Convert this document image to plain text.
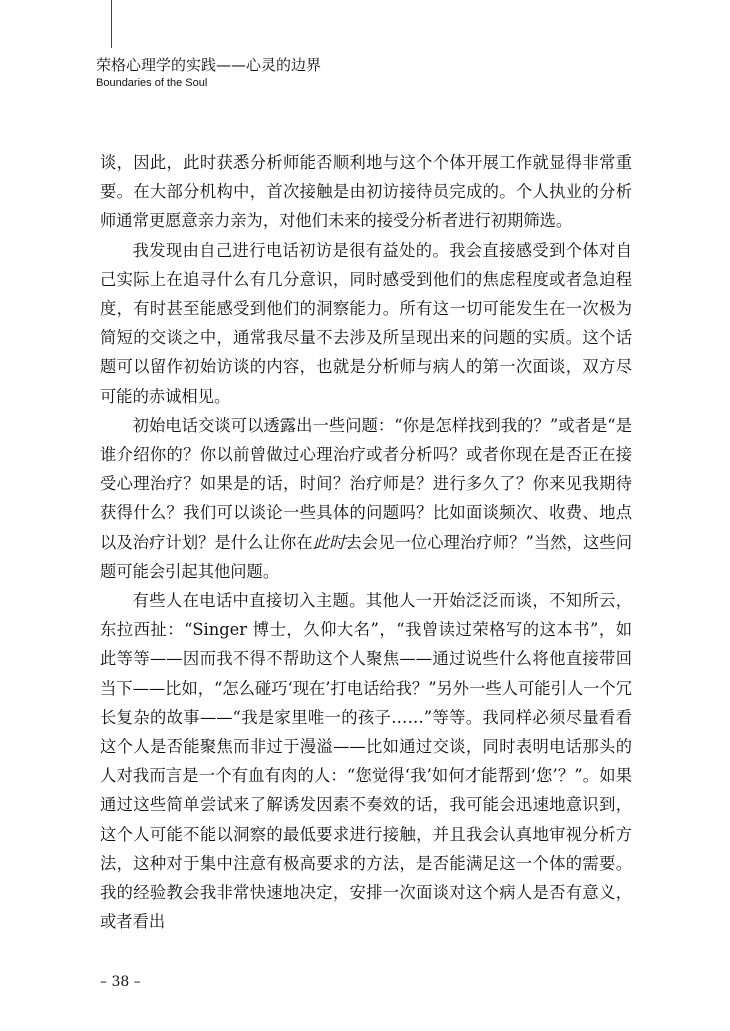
荣格心理学的实践——心灵的边界
Boundaries of the Soul

谈，因此，此时获悉分析师能否顺利地与这个个体开展工作就显得非常重要。在大部分机构中，首次接触是由初访接待员完成的。个人执业的分析师通常更愿意亲力亲为，对他们未来的接受分析者进行初期筛选。

我发现由自己进行电话初访是很有益处的。我会直接感受到个体对自己实际上在追寻什么有几分意识，同时感受到他们的焦虑程度或者急迫程度，有时甚至能感受到他们的洞察能力。所有这一切可能发生在一次极为简短的交谈之中，通常我尽量不去涉及所呈现出来的问题的实质。这个话题可以留作初始访谈的内容，也就是分析师与病人的第一次面谈，双方尽可能的赤诚相见。

初始电话交谈可以透露出一些问题：“你是怎样找到我的？”或者是“是谁介绍你的？你以前曾做过心理治疗或者分析吗？或者你现在是否正在接受心理治疗？如果是的话，时间？治疗师是？进行多久了？你来见我期待获得什么？我们可以谈论一些具体的问题吗？比如面谈频次、收费、地点以及治疗计划？是什么让你在此时去会见一位心理治疗师？”当然，这些问题可能会引起其他问题。

有些人在电话中直接切入主题。其他人一开始泛泛而谈，不知所云，东拉西扯：“Singer 博士，久仰大名”，“我曾读过荣格写的这本书”，如此等等——因而我不得不帮助这个人聚焦——通过说些什么将他直接带回当下——比如，“怎么碰巧‘现在’打电话给我？”另外一些人可能引人一个冗长复杂的故事——“我是家里唯一的孩子……”等等。我同样必须尽量看看这个人是否能聚焦而非过于漫溢——比如通过交谈，同时表明电话那头的人对我而言是一个有血有肉的人：“您觉得‘我’如何才能帮到‘您’？”。如果通过这些简单尝试来了解诱发因素不奏效的话，我可能会迅速地意识到，这个人可能不能以洞察的最低要求进行接触，并且我会认真地审视分析方法，这种对于集中注意有极高要求的方法，是否能满足这一个体的需要。我的经验教会我非常快速地决定，安排一次面谈对这个病人是否有意义，或者看出

– 38 –
